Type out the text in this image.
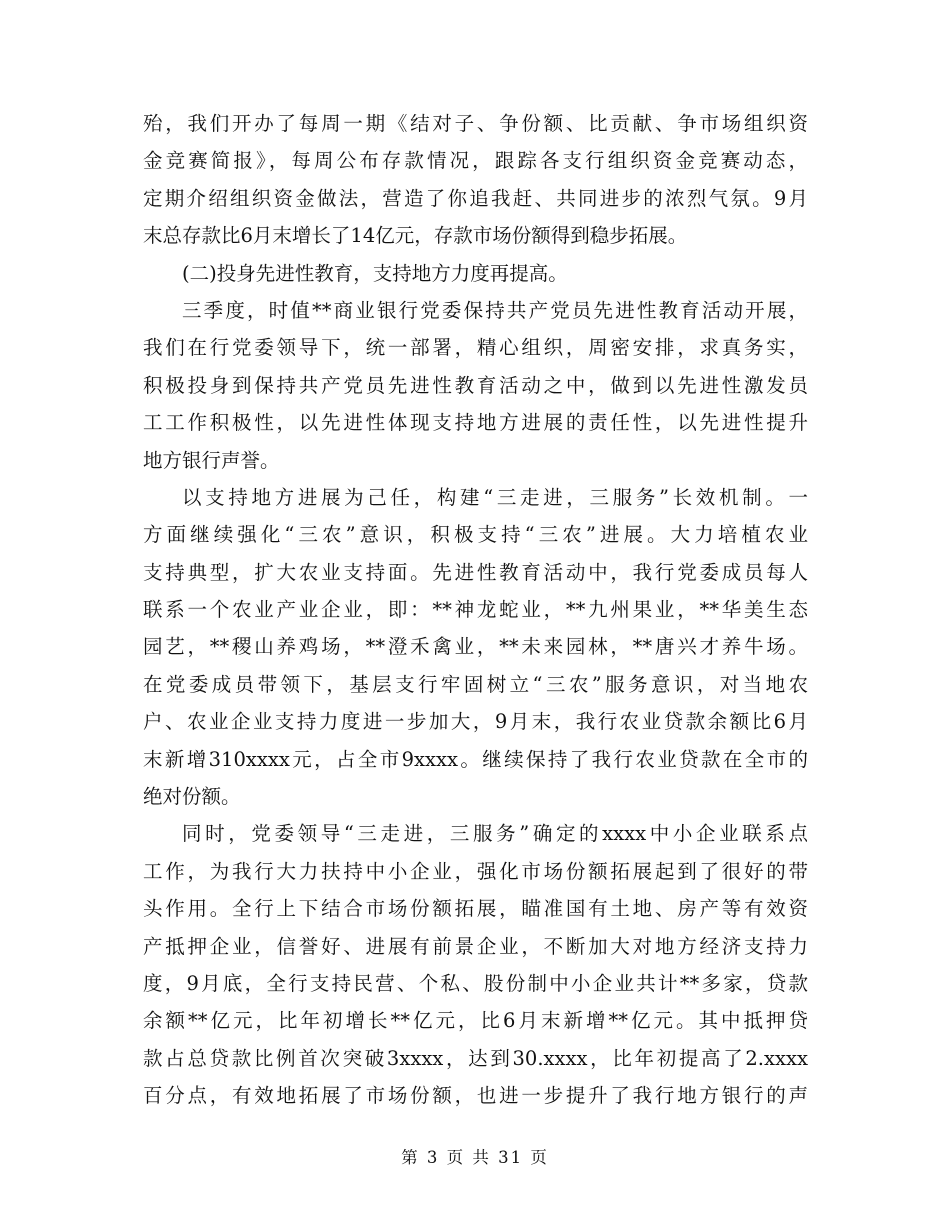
殆，我们开办了每周一期《结对子、争份额、比贡献、争市场组织资
金竞赛简报》，每周公布存款情况，跟踪各支行组织资金竞赛动态，
定期介绍组织资金做法，营造了你追我赶、共同进步的浓烈气氛。9月
末总存款比6月末增长了14亿元，存款市场份额得到稳步拓展。
(二)投身先进性教育，支持地方力度再提高。
三季度，时值**商业银行党委保持共产党员先进性教育活动开展，
我们在行党委领导下，统一部署，精心组织，周密安排，求真务实，
积极投身到保持共产党员先进性教育活动之中，做到以先进性激发员
工工作积极性，以先进性体现支持地方进展的责任性，以先进性提升
地方银行声誉。
以支持地方进展为己任，构建“三走进，三服务”长效机制。一
方面继续强化“三农”意识，积极支持“三农”进展。大力培植农业
支持典型，扩大农业支持面。先进性教育活动中，我行党委成员每人
联系一个农业产业企业，即：**神龙蛇业，**九州果业，**华美生态
园艺，**稷山养鸡场，**澄禾禽业，**未来园林，**唐兴才养牛场。
在党委成员带领下，基层支行牢固树立“三农”服务意识，对当地农
户、农业企业支持力度进一步加大，9月末，我行农业贷款余额比6月
末新增310xxxx元，占全市9xxxx。继续保持了我行农业贷款在全市的
绝对份额。
同时，党委领导“三走进，三服务”确定的xxxx中小企业联系点
工作，为我行大力扶持中小企业，强化市场份额拓展起到了很好的带
头作用。全行上下结合市场份额拓展，瞄准国有土地、房产等有效资
产抵押企业，信誉好、进展有前景企业，不断加大对地方经济支持力
度，9月底，全行支持民营、个私、股份制中小企业共计**多家，贷款
余额**亿元，比年初增长**亿元，比6月末新增**亿元。其中抵押贷
款占总贷款比例首次突破3xxxx，达到30.xxxx，比年初提高了2.xxxx
百分点，有效地拓展了市场份额，也进一步提升了我行地方银行的声
第 3 页 共 31 页
